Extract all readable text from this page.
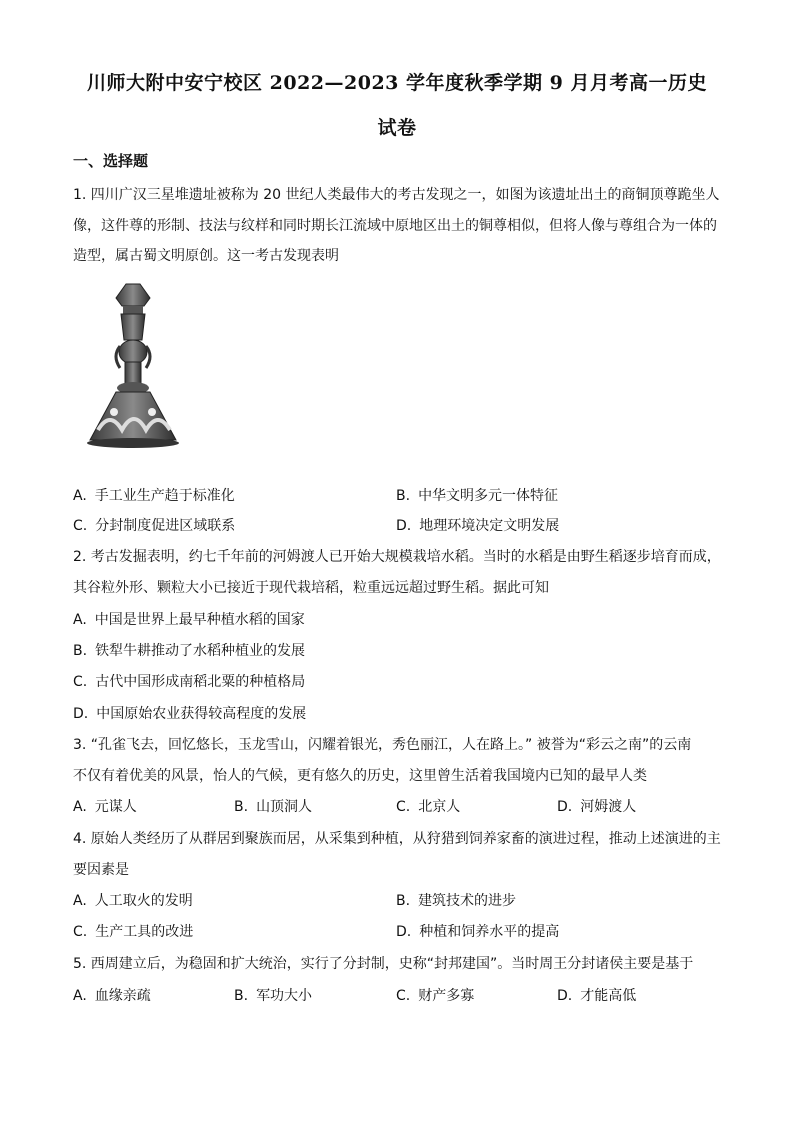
川师大附中安宁校区 2022—2023 学年度秋季学期 9 月月考高一历史
试卷
一、选择题
1. 四川广汉三星堆遗址被称为 20 世纪人类最伟大的考古发现之一，如图为该遗址出土的商铜顶尊跪坐人
像，这件尊的形制、技法与纹样和同时期长江流域中原地区出土的铜尊相似，但将人像与尊组合为一体的
造型，属古蜀文明原创。这一考古发现表明
A. 手工业生产趋于标准化	B. 中华文明多元一体特征
C. 分封制度促进区域联系	D. 地理环境决定文明发展
2. 考古发掘表明，约七千年前的河姆渡人已开始大规模栽培水稻。当时的水稻是由野生稻逐步培育而成，
其谷粒外形、颗粒大小已接近于现代栽培稻，粒重远远超过野生稻。据此可知
A. 中国是世界上最早种植水稻的国家
B. 铁犁牛耕推动了水稻种植业的发展
C. 古代中国形成南稻北粟的种植格局
D. 中国原始农业获得较高程度的发展
3. “孔雀飞去，回忆悠长，玉龙雪山，闪耀着银光，秀色丽江，人在路上。” 被誉为“彩云之南”的云南
不仅有着优美的风景，怡人的气候，更有悠久的历史，这里曾生活着我国境内已知的最早人类
A. 元谋人	B. 山顶洞人	C. 北京人	D. 河姆渡人
4. 原始人类经历了从群居到聚族而居，从采集到种植，从狩猎到饲养家畜的演进过程，推动上述演进的主
要因素是
A. 人工取火的发明	B. 建筑技术的进步
C. 生产工具的改进	D. 种植和饲养水平的提高
5. 西周建立后，为稳固和扩大统治，实行了分封制，史称“封邦建国”。当时周王分封诸侯主要是基于
A. 血缘亲疏	B. 军功大小	C. 财产多寡	D. 才能高低
